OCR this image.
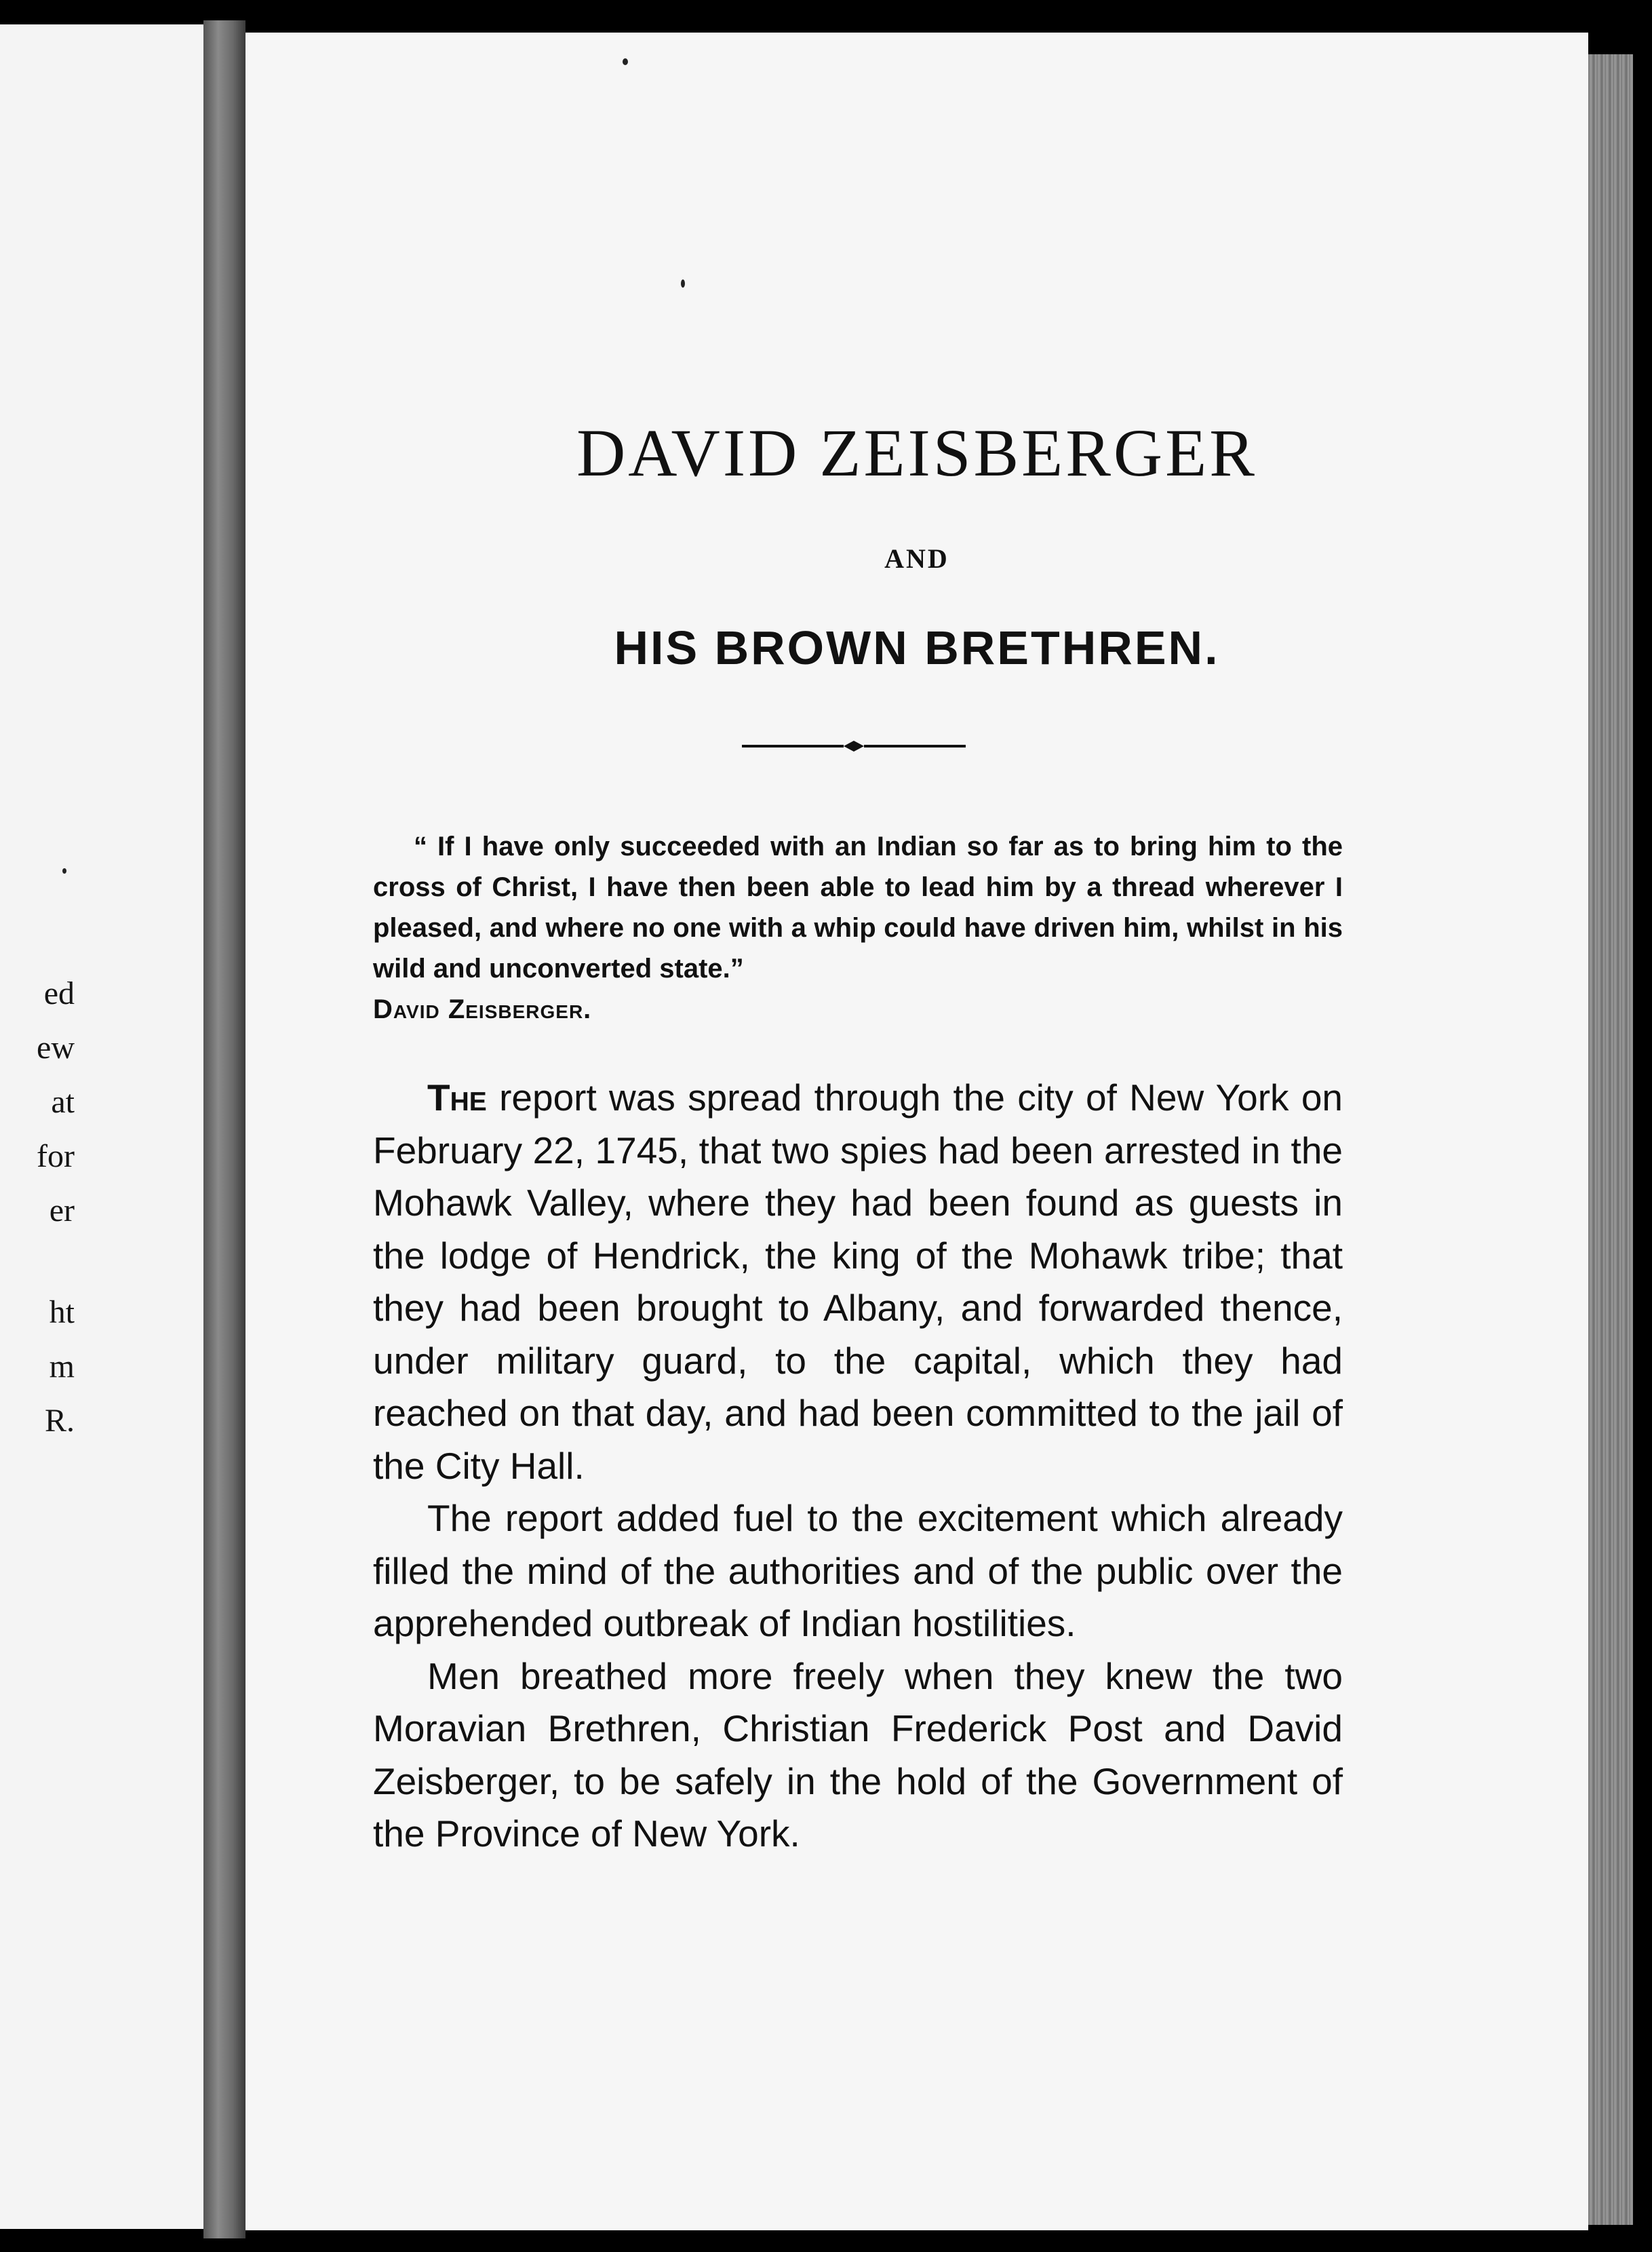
ed
ew
at
for
er
ht
m
R.
DAVID ZEISBERGER
AND
HIS BROWN BRETHREN.
“ If I have only succeeded with an Indian so far as to bring him to the cross of Christ, I have then been able to lead him by a thread wherever I pleased, and where no one with a whip could have driven him, whilst in his wild and unconverted state.”
David Zeisberger.

The report was spread through the city of New York on February 22, 1745, that two spies had been arrested in the Mohawk Valley, where they had been found as guests in the lodge of Hendrick, the king of the Mohawk tribe; that they had been brought to Albany, and forwarded thence, under military guard, to the capital, which they had reached on that day, and had been committed to the jail of the City Hall.

The report added fuel to the excitement which already filled the mind of the authorities and of the public over the apprehended outbreak of Indian hostilities.

Men breathed more freely when they knew the two Moravian Brethren, Christian Frederick Post and David Zeisberger, to be safely in the hold of the Government of the Province of New York.
